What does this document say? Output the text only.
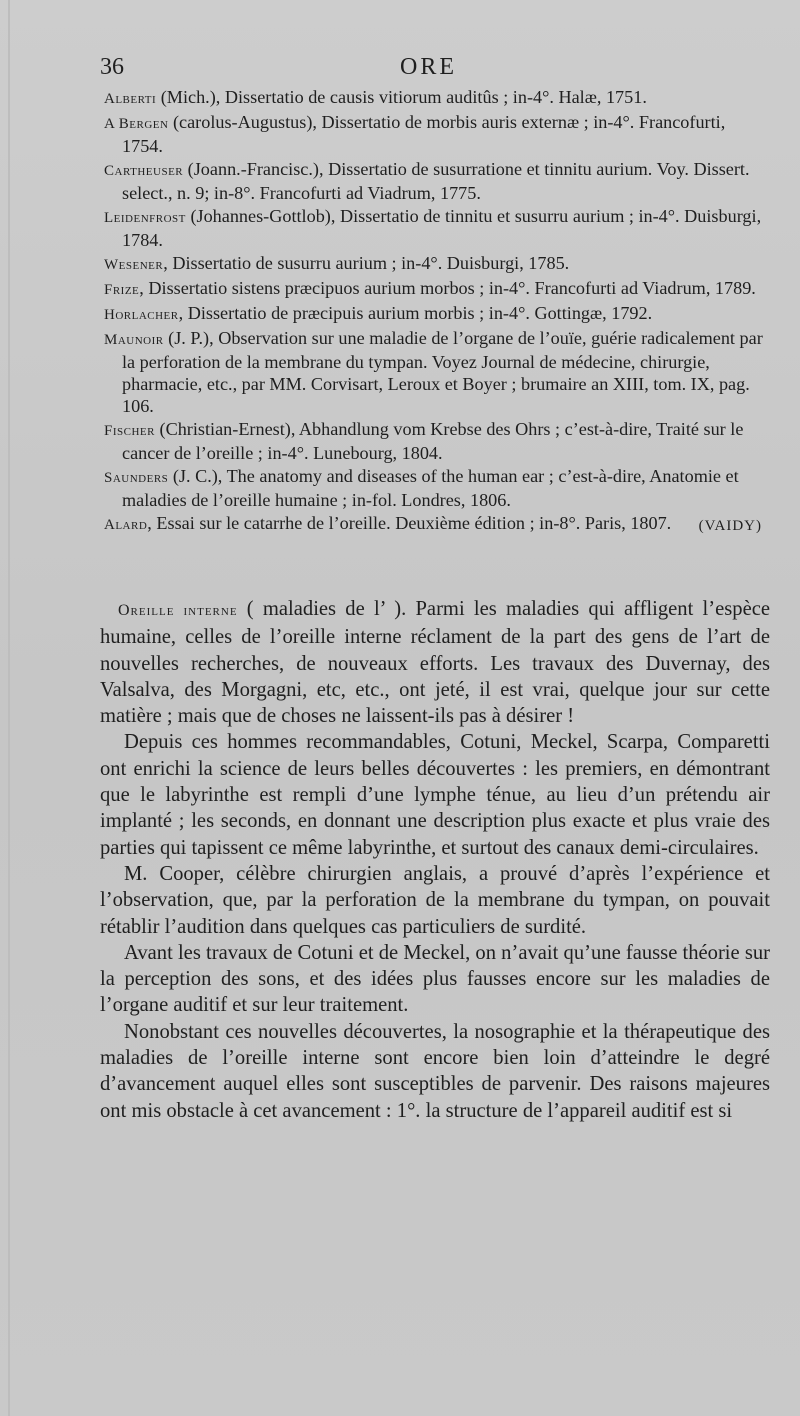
36	ORE

Alberti (Mich.), Dissertatio de causis vitiorum auditûs ; in-4°. Halæ, 1751.

A Bergen (carolus-Augustus), Dissertatio de morbis auris externæ ; in-4°. Francofurti, 1754.

Cartheuser (Joann.-Francisc.), Dissertatio de susurratione et tinnitu aurium. Voy. Dissert. select., n. 9; in-8°. Francofurti ad Viadrum, 1775.

Leidenfrost (Johannes-Gottlob), Dissertatio de tinnitu et susurru aurium ; in-4°. Duisburgi, 1784.

Wesener, Dissertatio de susurru aurium ; in-4°. Duisburgi, 1785.

Frize, Dissertatio sistens præcipuos aurium morbos ; in-4°. Francofurti ad Viadrum, 1789.

Horlacher, Dissertatio de præcipuis aurium morbis ; in-4°. Gottingæ, 1792.

Maunoir (J. P.), Observation sur une maladie de l’organe de l’ouïe, guérie radicalement par la perforation de la membrane du tympan. Voyez Journal de médecine, chirurgie, pharmacie, etc., par MM. Corvisart, Leroux et Boyer ; brumaire an XIII, tom. IX, pag. 106.

Fischer (Christian-Ernest), Abhandlung vom Krebse des Ohrs ; c’est-à-dire, Traité sur le cancer de l’oreille ; in-4°. Lunebourg, 1804.

Saunders (J. C.), The anatomy and diseases of the human ear ; c’est-à-dire, Anatomie et maladies de l’oreille humaine ; in-fol. Londres, 1806.

Alard, Essai sur le catarrhe de l’oreille. Deuxième édition ; in-8°. Paris, 1807.	(VAIDY)

Oreille interne ( maladies de l’ ). Parmi les maladies qui affligent l’espèce humaine, celles de l’oreille interne réclament de la part des gens de l’art de nouvelles recherches, de nouveaux efforts. Les travaux des Duvernay, des Valsalva, des Morgagni, etc, etc., ont jeté, il est vrai, quelque jour sur cette matière ; mais que de choses ne laissent-ils pas à désirer !

Depuis ces hommes recommandables, Cotuni, Meckel, Scarpa, Comparetti ont enrichi la science de leurs belles découvertes : les premiers, en démontrant que le labyrinthe est rempli d’une lymphe ténue, au lieu d’un prétendu air implanté ; les seconds, en donnant une description plus exacte et plus vraie des parties qui tapissent ce même labyrinthe, et surtout des canaux demi-circulaires.

M. Cooper, célèbre chirurgien anglais, a prouvé d’après l’expérience et l’observation, que, par la perforation de la membrane du tympan, on pouvait rétablir l’audition dans quelques cas particuliers de surdité.

Avant les travaux de Cotuni et de Meckel, on n’avait qu’une fausse théorie sur la perception des sons, et des idées plus fausses encore sur les maladies de l’organe auditif et sur leur traitement.

Nonobstant ces nouvelles découvertes, la nosographie et la thérapeutique des maladies de l’oreille interne sont encore bien loin d’atteindre le degré d’avancement auquel elles sont susceptibles de parvenir. Des raisons majeures ont mis obstacle à cet avancement : 1°. la structure de l’appareil auditif est si
